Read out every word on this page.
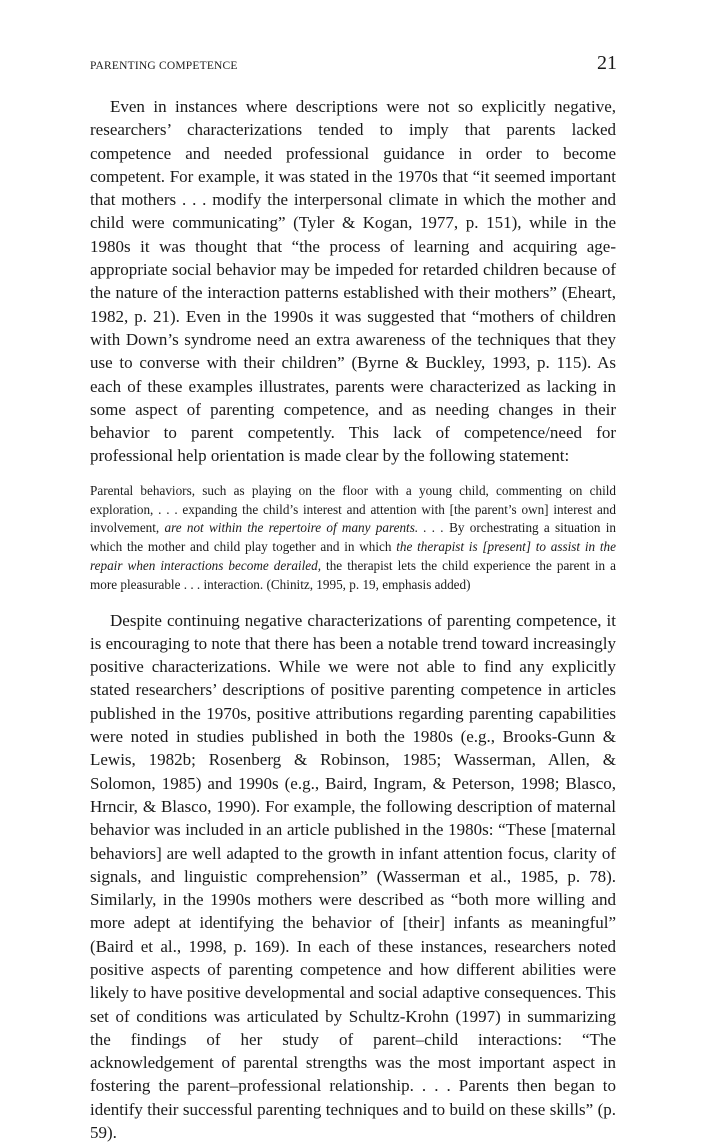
PARENTING COMPETENCE	21

Even in instances where descriptions were not so explicitly negative, researchers’ characterizations tended to imply that parents lacked competence and needed professional guidance in order to become competent. For example, it was stated in the 1970s that “it seemed important that mothers . . . modify the interpersonal climate in which the mother and child were communicating” (Tyler & Kogan, 1977, p. 151), while in the 1980s it was thought that “the process of learning and acquiring age-appropriate social behavior may be impeded for retarded children because of the nature of the interaction patterns established with their mothers” (Eheart, 1982, p. 21). Even in the 1990s it was suggested that “mothers of children with Down’s syndrome need an extra awareness of the techniques that they use to converse with their children” (Byrne & Buckley, 1993, p. 115). As each of these examples illustrates, parents were characterized as lacking in some aspect of parenting competence, and as needing changes in their behavior to parent competently. This lack of competence/need for professional help orientation is made clear by the following statement:

Parental behaviors, such as playing on the floor with a young child, commenting on child exploration, . . . expanding the child’s interest and attention with [the parent’s own] interest and involvement, are not within the repertoire of many parents. . . . By orchestrating a situation in which the mother and child play together and in which the therapist is [present] to assist in the repair when interactions become derailed, the therapist lets the child experience the parent in a more pleasurable . . . interaction. (Chinitz, 1995, p. 19, emphasis added)

Despite continuing negative characterizations of parenting competence, it is encouraging to note that there has been a notable trend toward increasingly positive characterizations. While we were not able to find any explicitly stated researchers’ descriptions of positive parenting competence in articles published in the 1970s, positive attributions regarding parenting capabilities were noted in studies published in both the 1980s (e.g., Brooks-Gunn & Lewis, 1982b; Rosenberg & Robinson, 1985; Wasserman, Allen, & Solomon, 1985) and 1990s (e.g., Baird, Ingram, & Peterson, 1998; Blasco, Hrncir, & Blasco, 1990). For example, the following description of maternal behavior was included in an article published in the 1980s: “These [maternal behaviors] are well adapted to the growth in infant attention focus, clarity of signals, and linguistic comprehension” (Wasserman et al., 1985, p. 78). Similarly, in the 1990s mothers were described as “both more willing and more adept at identifying the behavior of [their] infants as meaningful” (Baird et al., 1998, p. 169). In each of these instances, researchers noted positive aspects of parenting competence and how different abilities were likely to have positive developmental and social adaptive consequences. This set of conditions was articulated by Schultz-Krohn (1997) in summarizing the findings of her study of parent–child interactions: “The acknowledgement of parental strengths was the most important aspect in fostering the parent–professional relationship. . . . Parents then began to identify their successful parenting techniques and to build on these skills” (p. 59).
